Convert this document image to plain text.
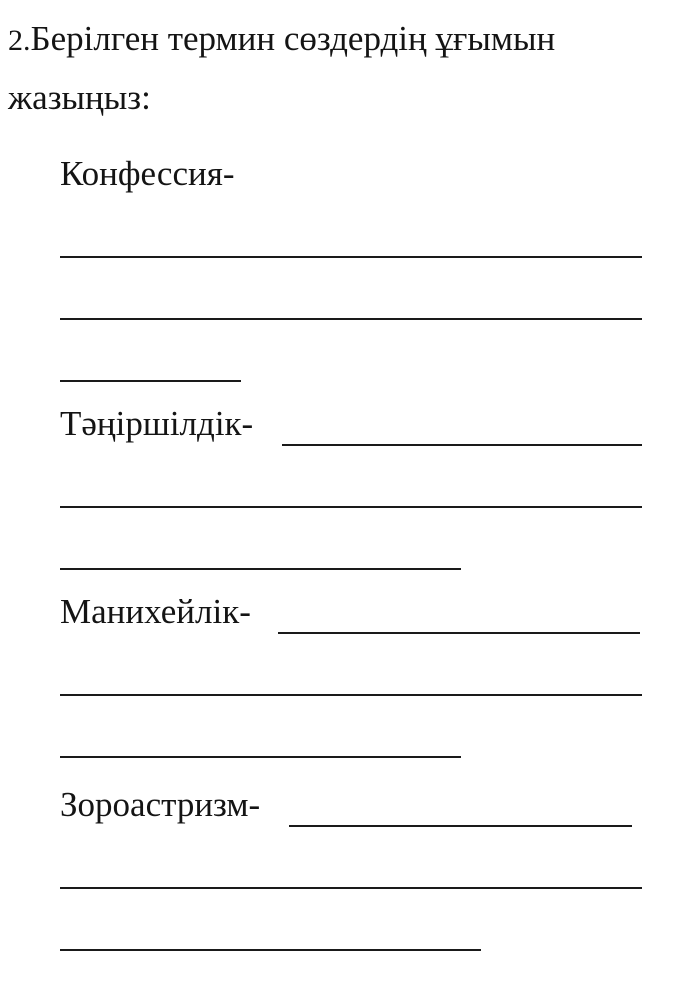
2.Берілген термин сөздердің ұғымын
жазыңыз:
Конфессия-
Тәңіршілдік-
Манихейлік-
Зороастризм-
